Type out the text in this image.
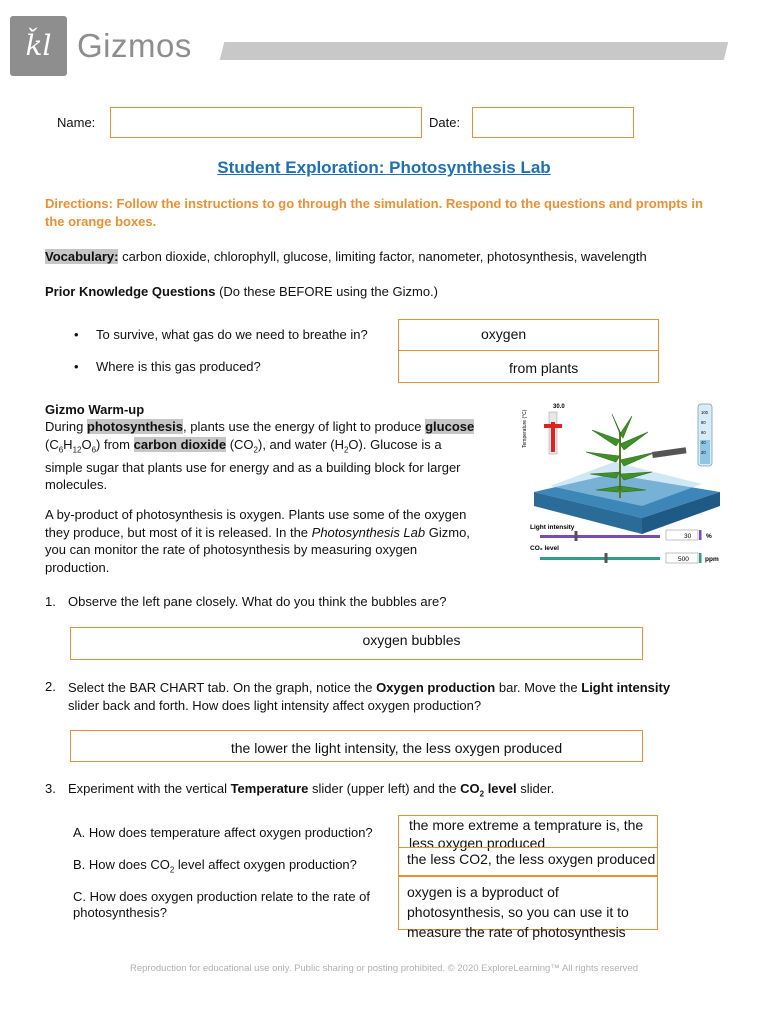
ǩl Gizmos
Name:	Date:
Student Exploration: Photosynthesis Lab
Directions: Follow the instructions to go through the simulation. Respond to the questions and prompts in the orange boxes.
Vocabulary: carbon dioxide, chlorophyll, glucose, limiting factor, nanometer, photosynthesis, wavelength
Prior Knowledge Questions (Do these BEFORE using the Gizmo.)
• To survive, what gas do we need to breathe in?	oxygen
• Where is this gas produced?	from plants
Gizmo Warm-up
During photosynthesis, plants use the energy of light to produce glucose
$(C_6H_{12}O_6)$ from carbon dioxide $(CO_2)$, and water $(H_2O)$. Glucose is a
simple sugar that plants use for energy and as a building block for larger
molecules.
A by-product of photosynthesis is oxygen. Plants use some of the oxygen
they produce, but most of it is released. In the Photosynthesis Lab Gizmo,
you can monitor the rate of photosynthesis by measuring oxygen
production.
30.0
Temperature (°C)	100
80
60
40
20
Light intensity
30 %
CO₂ level
500 ppm
1. Observe the left pane closely. What do you think the bubbles are?
oxygen bubbles
2. Select the BAR CHART tab. On the graph, notice the Oxygen production bar. Move the Light intensity
slider back and forth. How does light intensity affect oxygen production?
the lower the light intensity, the less oxygen produced
3. Experiment with the vertical Temperature slider (upper left) and the $CO_2$ level slider.
A. How does temperature affect oxygen production?	the more extreme a temprature is, the less oxygen produced
B. How does $CO_2$ level affect oxygen production?	the less CO2, the less oxygen produced
C. How does oxygen production relate to the rate of photosynthesis?
oxygen is a byproduct of photosynthesis, so you can use it to measure the rate of photosynthesis
Reproduction for educational use only. Public sharing or posting prohibited. © 2020 ExploreLearning™ All rights reserved
